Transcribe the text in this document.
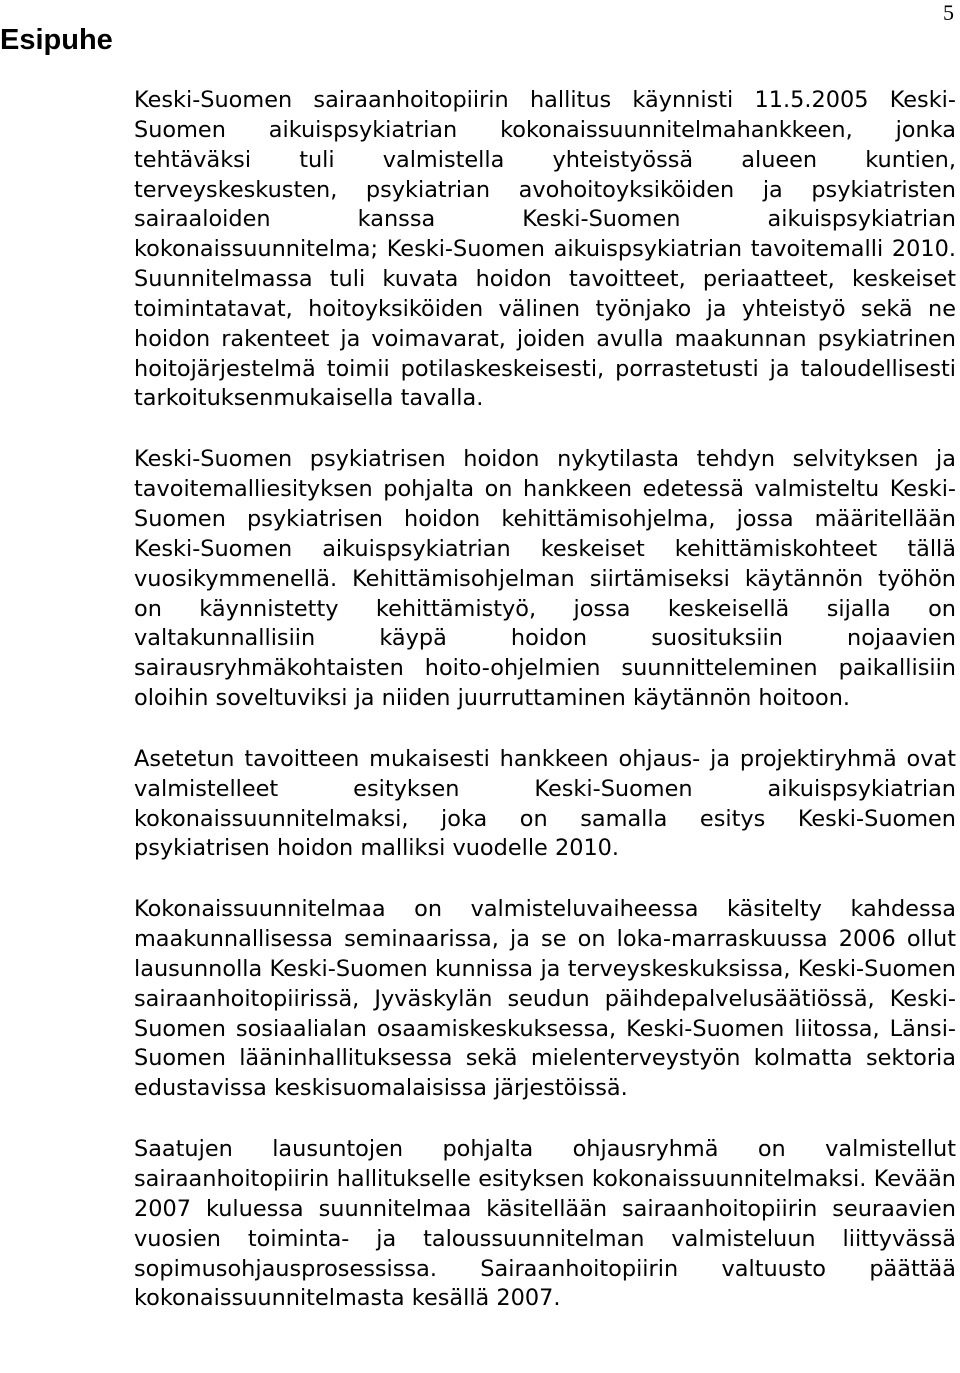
5
Esipuhe

Keski-Suomen sairaanhoitopiirin hallitus käynnisti 11.5.2005 Keski-Suomen aikuispsykiatrian kokonaissuunnitelmahankkeen, jonka tehtäväksi tuli valmistella yhteistyössä alueen kuntien, terveyskeskusten, psykiatrian avohoitoyksiköiden ja psykiatristen sairaaloiden kanssa Keski-Suomen aikuispsykiatrian kokonaissuunnitelma; Keski-Suomen aikuispsykiatrian tavoitemalli 2010. Suunnitelmassa tuli kuvata hoidon tavoitteet, periaatteet, keskeiset toimintatavat, hoitoyksiköiden välinen työnjako ja yhteistyö sekä ne hoidon rakenteet ja voimavarat, joiden avulla maakunnan psykiatrinen hoitojärjestelmä toimii potilaskeskeisesti, porrastetusti ja taloudellisesti tarkoituksenmukaisella tavalla.

Keski-Suomen psykiatrisen hoidon nykytilasta tehdyn selvityksen ja tavoitemalliesityksen pohjalta on hankkeen edetessä valmisteltu Keski-Suomen psykiatrisen hoidon kehittämisohjelma, jossa määritellään Keski-Suomen aikuispsykiatrian keskeiset kehittämiskohteet tällä vuosikymmenellä. Kehittämisohjelman siirtämiseksi käytännön työhön on käynnistetty kehittämistyö, jossa keskeisellä sijalla on valtakunnallisiin käypä hoidon suosituksiin nojaavien sairausryhmäkohtaisten hoito-ohjelmien suunnitteleminen paikallisiin oloihin soveltuviksi ja niiden juurruttaminen käytännön hoitoon.

Asetetun tavoitteen mukaisesti hankkeen ohjaus- ja projektiryhmä ovat valmistelleet esityksen Keski-Suomen aikuispsykiatrian kokonaissuunnitelmaksi, joka on samalla esitys Keski-Suomen psykiatrisen hoidon malliksi vuodelle 2010.

Kokonaissuunnitelmaa on valmisteluvaiheessa käsitelty kahdessa maakunnallisessa seminaarissa, ja se on loka-marraskuussa 2006 ollut lausunnolla Keski-Suomen kunnissa ja terveyskeskuksissa, Keski-Suomen sairaanhoitopiirissä, Jyväskylän seudun päihdepalvelusäätiössä, Keski-Suomen sosiaalialan osaamiskeskuksessa, Keski-Suomen liitossa, Länsi-Suomen lääninhallituksessa sekä mielenterveystyön kolmatta sektoria edustavissa keskisuomalaisissa järjestöissä.

Saatujen lausuntojen pohjalta ohjausryhmä on valmistellut sairaanhoitopiirin hallitukselle esityksen kokonaissuunnitelmaksi. Kevään 2007 kuluessa suunnitelmaa käsitellään sairaanhoitopiirin seuraavien vuosien toiminta- ja taloussuunnitelman valmisteluun liittyvässä sopimusohjausprosessissa. Sairaanhoitopiirin valtuusto päättää kokonaissuunnitelmasta kesällä 2007.
